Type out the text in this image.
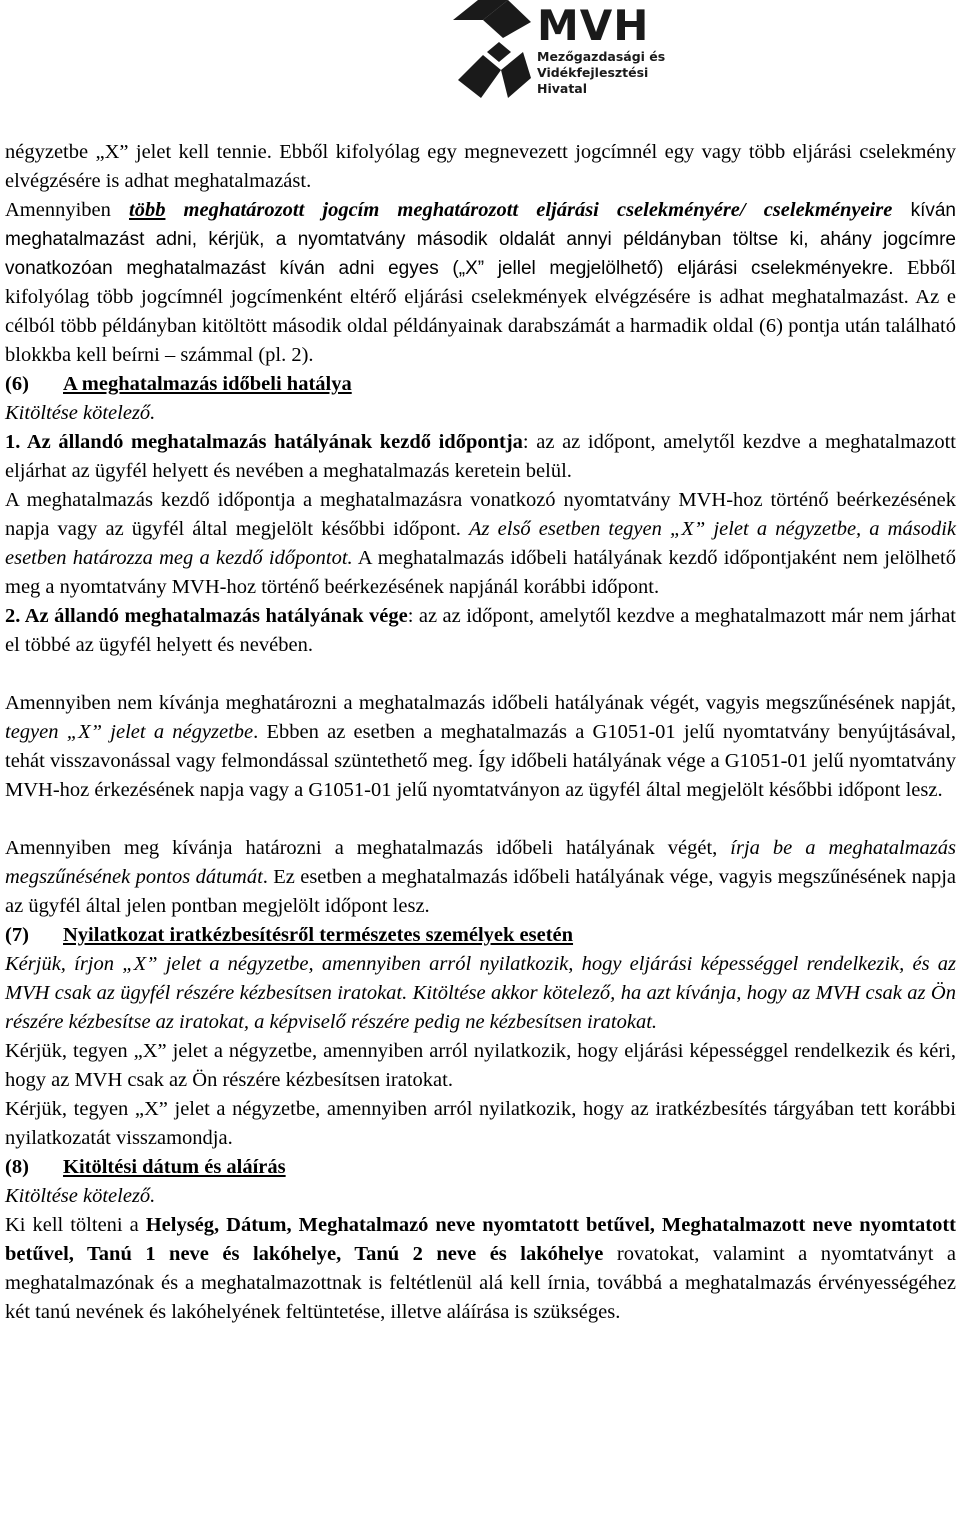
MVH
Mezőgazdasági és
Vidékfejlesztési
Hivatal

négyzetbe „X” jelet kell tennie. Ebből kifolyólag egy megnevezett jogcímnél egy vagy több eljárási cselekmény elvégzésére is adhat meghatalmazást.

Amennyiben több meghatározott jogcím meghatározott eljárási cselekményére/ cselekményeire kíván meghatalmazást adni, kérjük, a nyomtatvány második oldalát annyi példányban töltse ki, ahány jogcímre vonatkozóan meghatalmazást kíván adni egyes („X” jellel megjelölhető) eljárási cselekményekre. Ebből kifolyólag több jogcímnél jogcímenként eltérő eljárási cselekmények elvégzésére is adhat meghatalmazást. Az e célból több példányban kitöltött második oldal példányainak darabszámát a harmadik oldal (6) pontja után található blokkba kell beírni – számmal (pl. 2).

(6) A meghatalmazás időbeli hatálya

Kitöltése kötelező.

1. Az állandó meghatalmazás hatályának kezdő időpontja: az az időpont, amelytől kezdve a meghatalmazott eljárhat az ügyfél helyett és nevében a meghatalmazás keretein belül.

A meghatalmazás kezdő időpontja a meghatalmazásra vonatkozó nyomtatvány MVH-hoz történő beérkezésének napja vagy az ügyfél által megjelölt későbbi időpont. Az első esetben tegyen „X” jelet a négyzetbe, a második esetben határozza meg a kezdő időpontot. A meghatalmazás időbeli hatályának kezdő időpontjaként nem jelölhető meg a nyomtatvány MVH-hoz történő beérkezésének napjánál korábbi időpont.

2. Az állandó meghatalmazás hatályának vége: az az időpont, amelytől kezdve a meghatalmazott már nem járhat el többé az ügyfél helyett és nevében.

Amennyiben nem kívánja meghatározni a meghatalmazás időbeli hatályának végét, vagyis megszűnésének napját, tegyen „X” jelet a négyzetbe. Ebben az esetben a meghatalmazás a G1051-01 jelű nyomtatvány benyújtásával, tehát visszavonással vagy felmondással szüntethető meg. Így időbeli hatályának vége a G1051-01 jelű nyomtatvány MVH-hoz érkezésének napja vagy a G1051-01 jelű nyomtatványon az ügyfél által megjelölt későbbi időpont lesz.

Amennyiben meg kívánja határozni a meghatalmazás időbeli hatályának végét, írja be a meghatalmazás megszűnésének pontos dátumát. Ez esetben a meghatalmazás időbeli hatályának vége, vagyis megszűnésének napja az ügyfél által jelen pontban megjelölt időpont lesz.

(7) Nyilatkozat iratkézbesítésről természetes személyek esetén

Kérjük, írjon „X” jelet a négyzetbe, amennyiben arról nyilatkozik, hogy eljárási képességgel rendelkezik, és az MVH csak az ügyfél részére kézbesítsen iratokat. Kitöltése akkor kötelező, ha azt kívánja, hogy az MVH csak az Ön részére kézbesítse az iratokat, a képviselő részére pedig ne kézbesítsen iratokat.

Kérjük, tegyen „X” jelet a négyzetbe, amennyiben arról nyilatkozik, hogy eljárási képességgel rendelkezik és kéri, hogy az MVH csak az Ön részére kézbesítsen iratokat.

Kérjük, tegyen „X” jelet a négyzetbe, amennyiben arról nyilatkozik, hogy az iratkézbesítés tárgyában tett korábbi nyilatkozatát visszamondja.

(8) Kitöltési dátum és aláírás

Kitöltése kötelező.

Ki kell tölteni a Helység, Dátum, Meghatalmazó neve nyomtatott betűvel, Meghatalmazott neve nyomtatott betűvel, Tanú 1 neve és lakóhelye, Tanú 2 neve és lakóhelye rovatokat, valamint a nyomtatványt a meghatalmazónak és a meghatalmazottnak is feltétlenül alá kell írnia, továbbá a meghatalmazás érvényességéhez két tanú nevének és lakóhelyének feltüntetése, illetve aláírása is szükséges.
